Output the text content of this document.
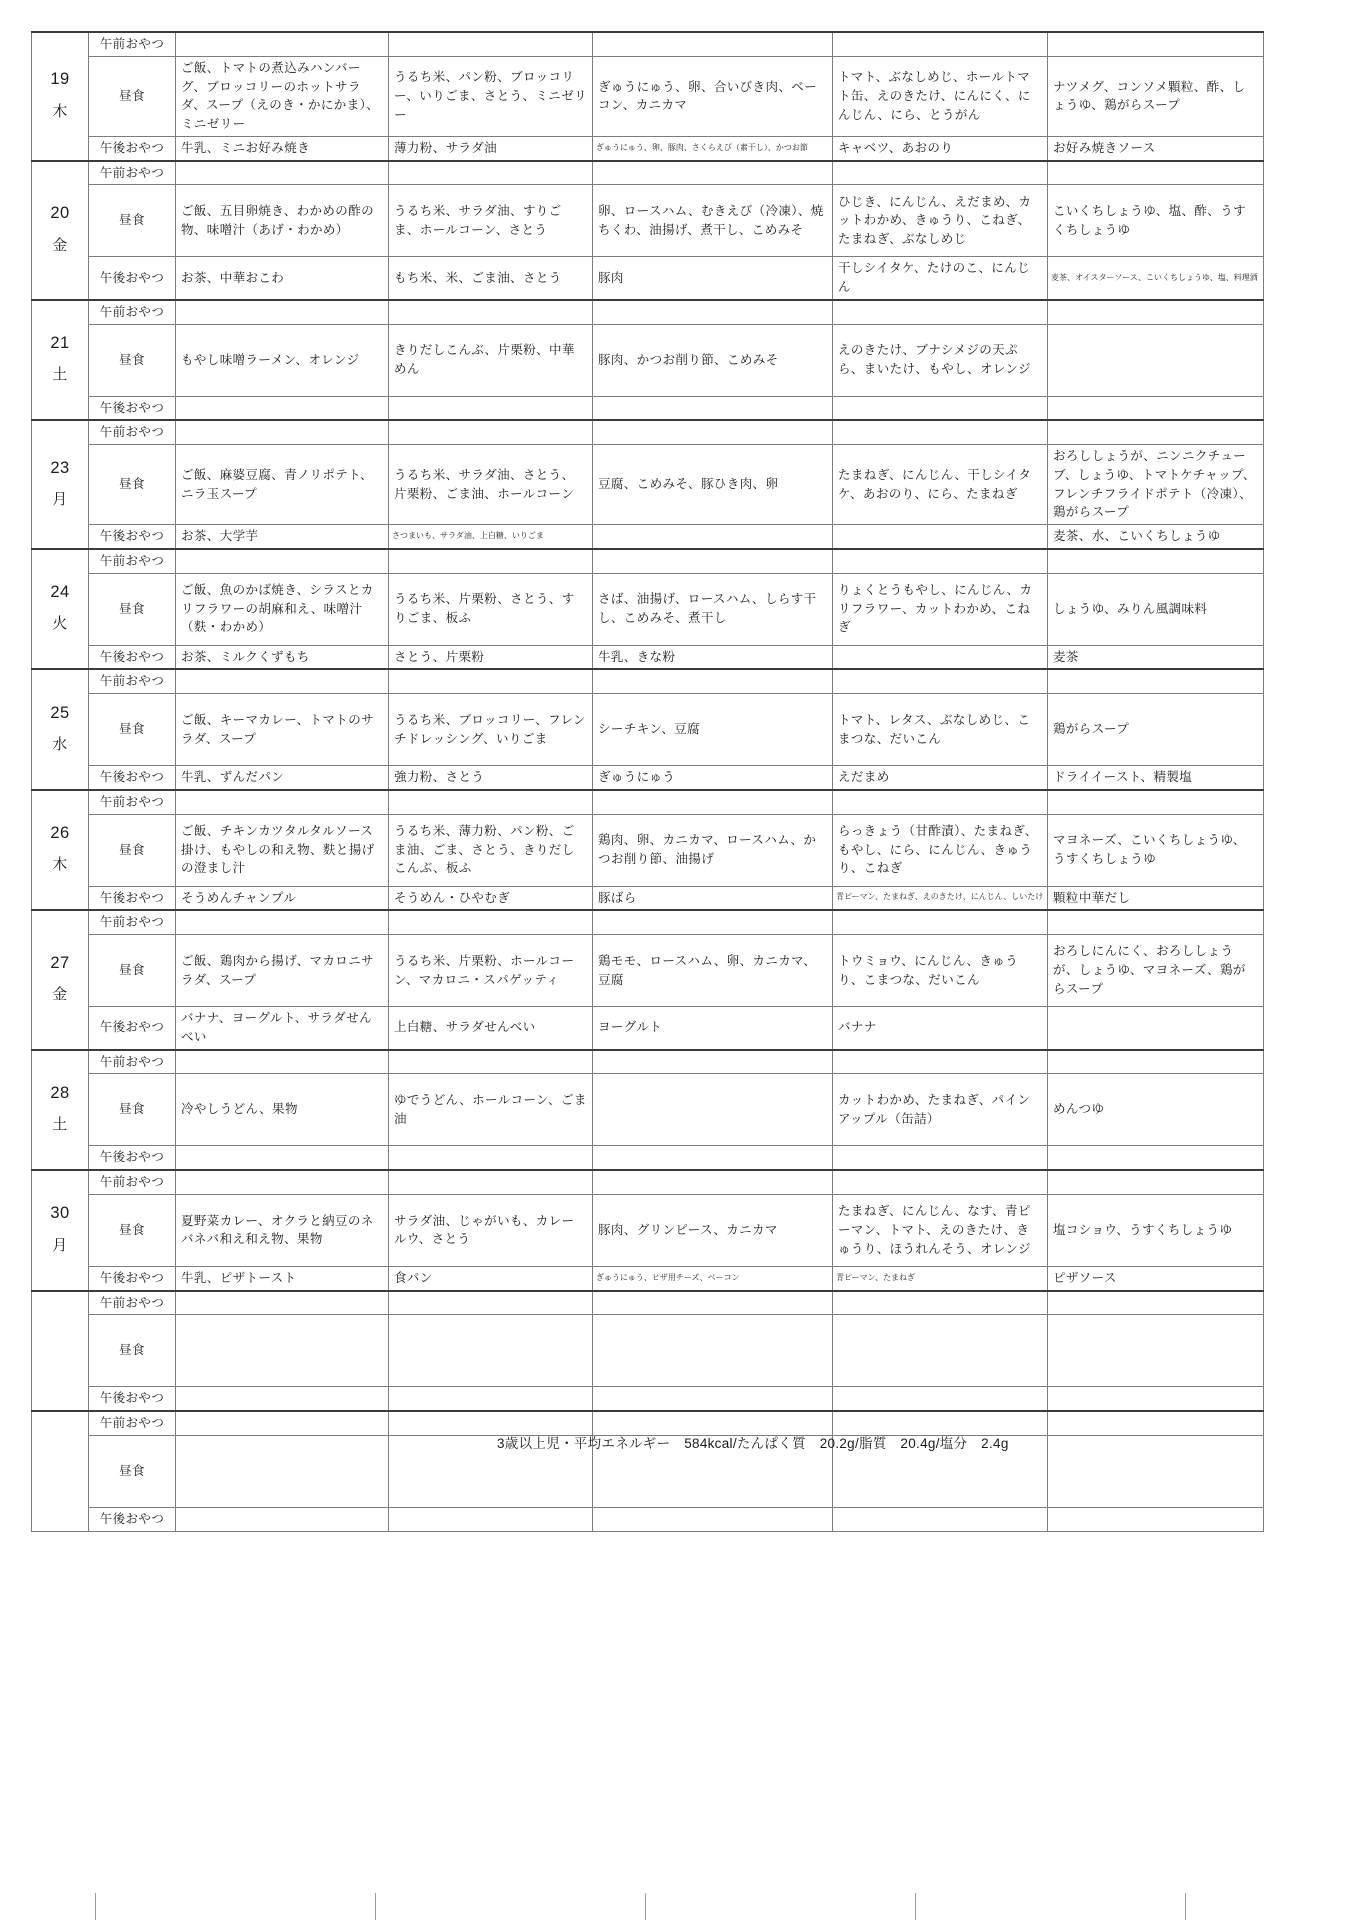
19
木	午前おやつ					
	昼食	ご飯、トマトの煮込みハンバーグ、ブロッコリーのホットサラダ、スープ（えのき・かにかま）、ミニゼリー	うるち米、パン粉、ブロッコリー、いりごま、さとう、ミニゼリー	ぎゅうにゅう、卵、合いびき肉、ベーコン、カニカマ	トマト、ぶなしめじ、ホールトマト缶、えのきたけ、にんにく、にんじん、にら、とうがん	ナツメグ、コンソメ顆粒、酢、しょうゆ、鶏がらスープ
	午後おやつ	牛乳、ミニお好み焼き	薄力粉、サラダ油	ぎゅうにゅう、卵、豚肉、さくらえび（素干し）、かつお節	キャベツ、あおのり	お好み焼きソース

20
金	午前おやつ					
	昼食	ご飯、五目卵焼き、わかめの酢の物、味噌汁（あげ・わかめ）	うるち米、サラダ油、すりごま、ホールコーン、さとう	卵、ロースハム、むきえび（冷凍）、焼ちくわ、油揚げ、煮干し、こめみそ	ひじき、にんじん、えだまめ、カットわかめ、きゅうり、こねぎ、たまねぎ、ぶなしめじ	こいくちしょうゆ、塩、酢、うすくちしょうゆ
	午後おやつ	お茶、中華おこわ	もち米、米、ごま油、さとう	豚肉	干しシイタケ、たけのこ、にんじん	麦茶、オイスターソース、こいくちしょうゆ、塩、料理酒

21
土	午前おやつ					
	昼食	もやし味噌ラーメン、オレンジ	きりだしこんぶ、片栗粉、中華めん	豚肉、かつお削り節、こめみそ	えのきたけ、ブナシメジの天ぷら、まいたけ、もやし、オレンジ	
	午後おやつ					

23
月	午前おやつ					
	昼食	ご飯、麻婆豆腐、青ノリポテト、ニラ玉スープ	うるち米、サラダ油、さとう、片栗粉、ごま油、ホールコーン	豆腐、こめみそ、豚ひき肉、卵	たまねぎ、にんじん、干しシイタケ、あおのり、にら、たまねぎ	おろししょうが、ニンニクチューブ、しょうゆ、トマトケチャップ、フレンチフライドポテト（冷凍）、鶏がらスープ
	午後おやつ	お茶、大学芋	さつまいも、サラダ油、上白糖、いりごま			麦茶、水、こいくちしょうゆ

24
火	午前おやつ					
	昼食	ご飯、魚のかば焼き、シラスとカリフラワーの胡麻和え、味噌汁（麩・わかめ）	うるち米、片栗粉、さとう、すりごま、板ふ	さば、油揚げ、ロースハム、しらす干し、こめみそ、煮干し	りょくとうもやし、にんじん、カリフラワー、カットわかめ、こねぎ	しょうゆ、みりん風調味料
	午後おやつ	お茶、ミルクくずもち	さとう、片栗粉	牛乳、きな粉		麦茶

25
水	午前おやつ					
	昼食	ご飯、キーマカレー、トマトのサラダ、スープ	うるち米、ブロッコリー、フレンチドレッシング、いりごま	シーチキン、豆腐	トマト、レタス、ぶなしめじ、こまつな、だいこん	鶏がらスープ
	午後おやつ	牛乳、ずんだパン	強力粉、さとう	ぎゅうにゅう	えだまめ	ドライイースト、精製塩

26
木	午前おやつ					
	昼食	ご飯、チキンカツタルタルソース掛け、もやしの和え物、麩と揚げの澄まし汁	うるち米、薄力粉、パン粉、ごま油、ごま、さとう、きりだしこんぶ、板ふ	鶏肉、卵、カニカマ、ロースハム、かつお削り節、油揚げ	らっきょう（甘酢漬）、たまねぎ、もやし、にら、にんじん、きゅうり、こねぎ	マヨネーズ、こいくちしょうゆ、うすくちしょうゆ
	午後おやつ	そうめんチャンプル	そうめん・ひやむぎ	豚ばら	青ピーマン、たまねぎ、えのきたけ、にんじん、しいたけ	顆粒中華だし

27
金	午前おやつ					
	昼食	ご飯、鶏肉から揚げ、マカロニサラダ、スープ	うるち米、片栗粉、ホールコーン、マカロニ・スパゲッティ	鶏モモ、ロースハム、卵、カニカマ、豆腐	トウミョウ、にんじん、きゅうり、こまつな、だいこん	おろしにんにく、おろししょうが、しょうゆ、マヨネーズ、鶏がらスープ
	午後おやつ	バナナ、ヨーグルト、サラダせんべい	上白糖、サラダせんべい	ヨーグルト	バナナ	

28
土	午前おやつ					
	昼食	冷やしうどん、果物	ゆでうどん、ホールコーン、ごま油		カットわかめ、たまねぎ、パインアップル（缶詰）	めんつゆ
	午後おやつ					

30
月	午前おやつ					
	昼食	夏野菜カレー、オクラと納豆のネバネバ和え和え物、果物	サラダ油、じゃがいも、カレールウ、さとう	豚肉、グリンピース、カニカマ	たまねぎ、にんじん、なす、青ピーマン、トマト、えのきたけ、きゅうり、ほうれんそう、オレンジ	塩コショウ、うすくちしょうゆ
	午後おやつ	牛乳、ピザトースト	食パン	ぎゅうにゅう、ピザ用チーズ、ベーコン	青ピーマン、たまねぎ	ピザソース

	午前おやつ					
	昼食					
	午後おやつ					

	午前おやつ					
	昼食					
	午後おやつ					
3歳以上児・平均エネルギー　584kcal/たんぱく質　20.2g/脂質　20.4g/塩分　2.4g
